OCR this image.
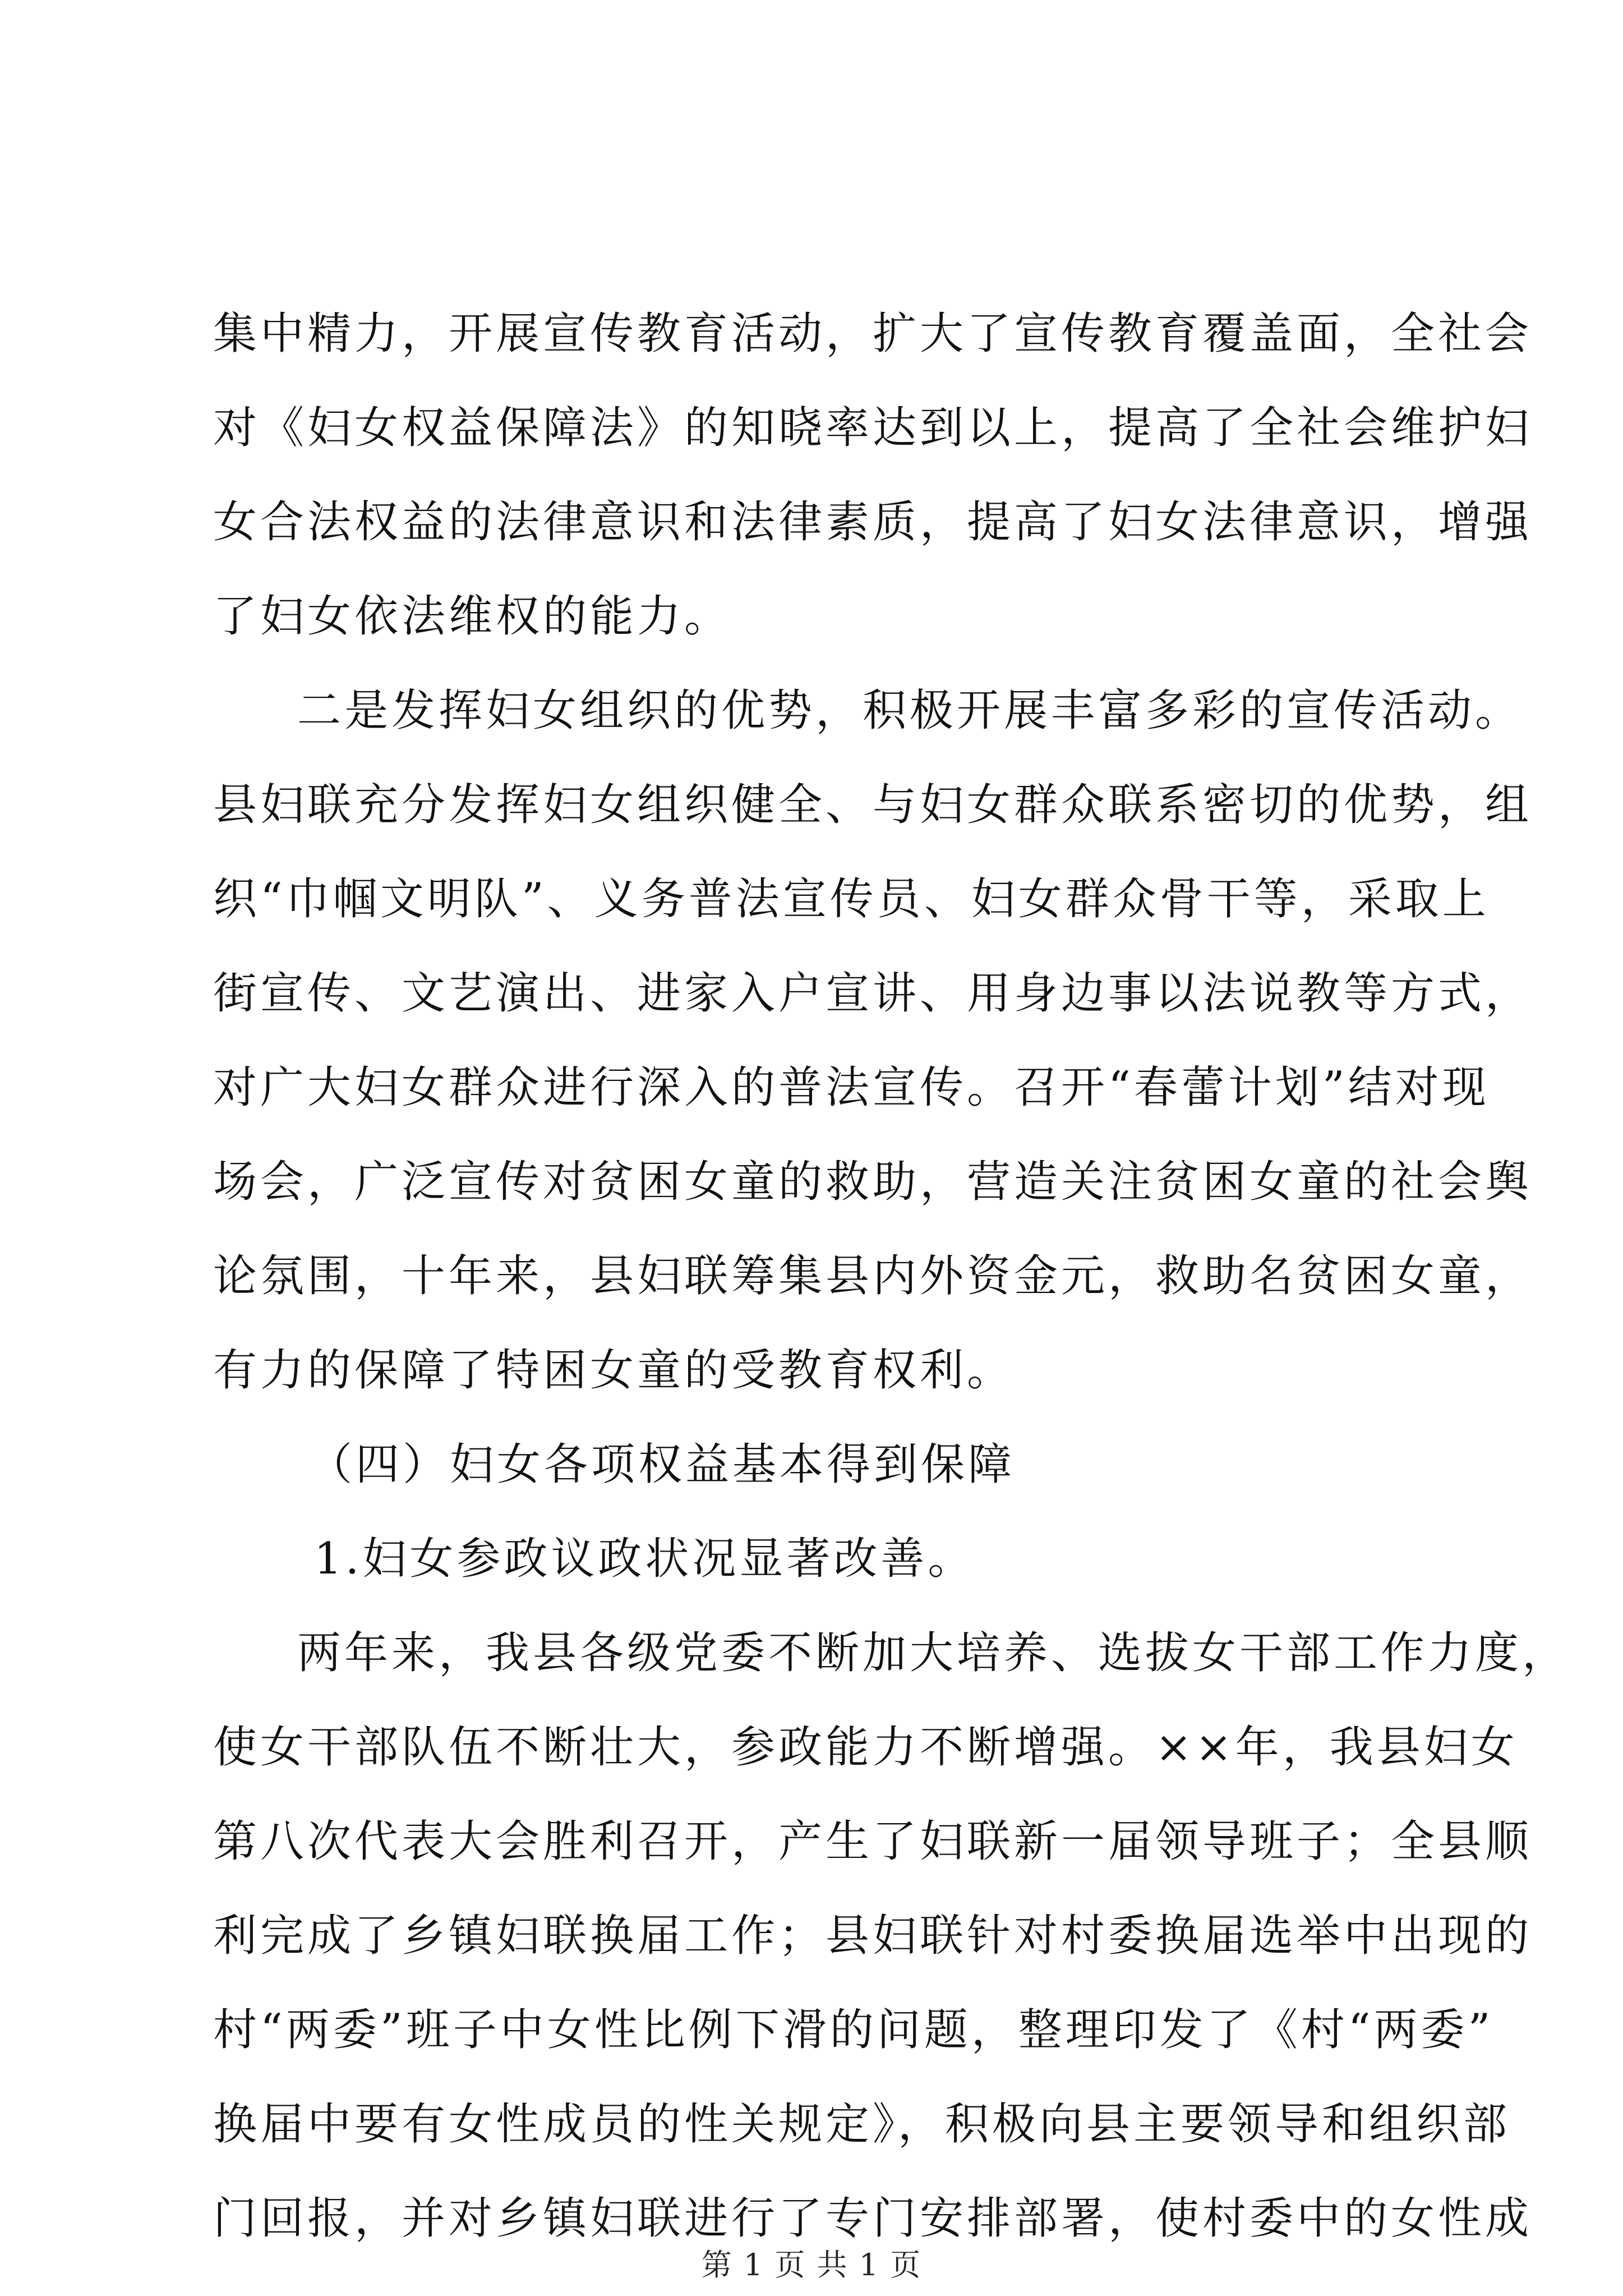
集中精力，开展宣传教育活动，扩大了宣传教育覆盖面，全社会
对《妇女权益保障法》的知晓率达到以上，提高了全社会维护妇
女合法权益的法律意识和法律素质，提高了妇女法律意识，增强
了妇女依法维权的能力。
二是发挥妇女组织的优势，积极开展丰富多彩的宣传活动。
县妇联充分发挥妇女组织健全、与妇女群众联系密切的优势，组
织“巾帼文明队”、义务普法宣传员、妇女群众骨干等，采取上
街宣传、文艺演出、进家入户宣讲、用身边事以法说教等方式，
对广大妇女群众进行深入的普法宣传。召开“春蕾计划”结对现
场会，广泛宣传对贫困女童的救助，营造关注贫困女童的社会舆
论氛围，十年来，县妇联筹集县内外资金元，救助名贫困女童，
有力的保障了特困女童的受教育权利。
（四）妇女各项权益基本得到保障
1.妇女参政议政状况显著改善。
两年来，我县各级党委不断加大培养、选拔女干部工作力度，
使女干部队伍不断壮大，参政能力不断增强。××年，我县妇女
第八次代表大会胜利召开，产生了妇联新一届领导班子；全县顺
利完成了乡镇妇联换届工作；县妇联针对村委换届选举中出现的
村“两委”班子中女性比例下滑的问题，整理印发了《村“两委”
换届中要有女性成员的性关规定》，积极向县主要领导和组织部
门回报，并对乡镇妇联进行了专门安排部署，使村委中的女性成
第 1 页 共 1 页
